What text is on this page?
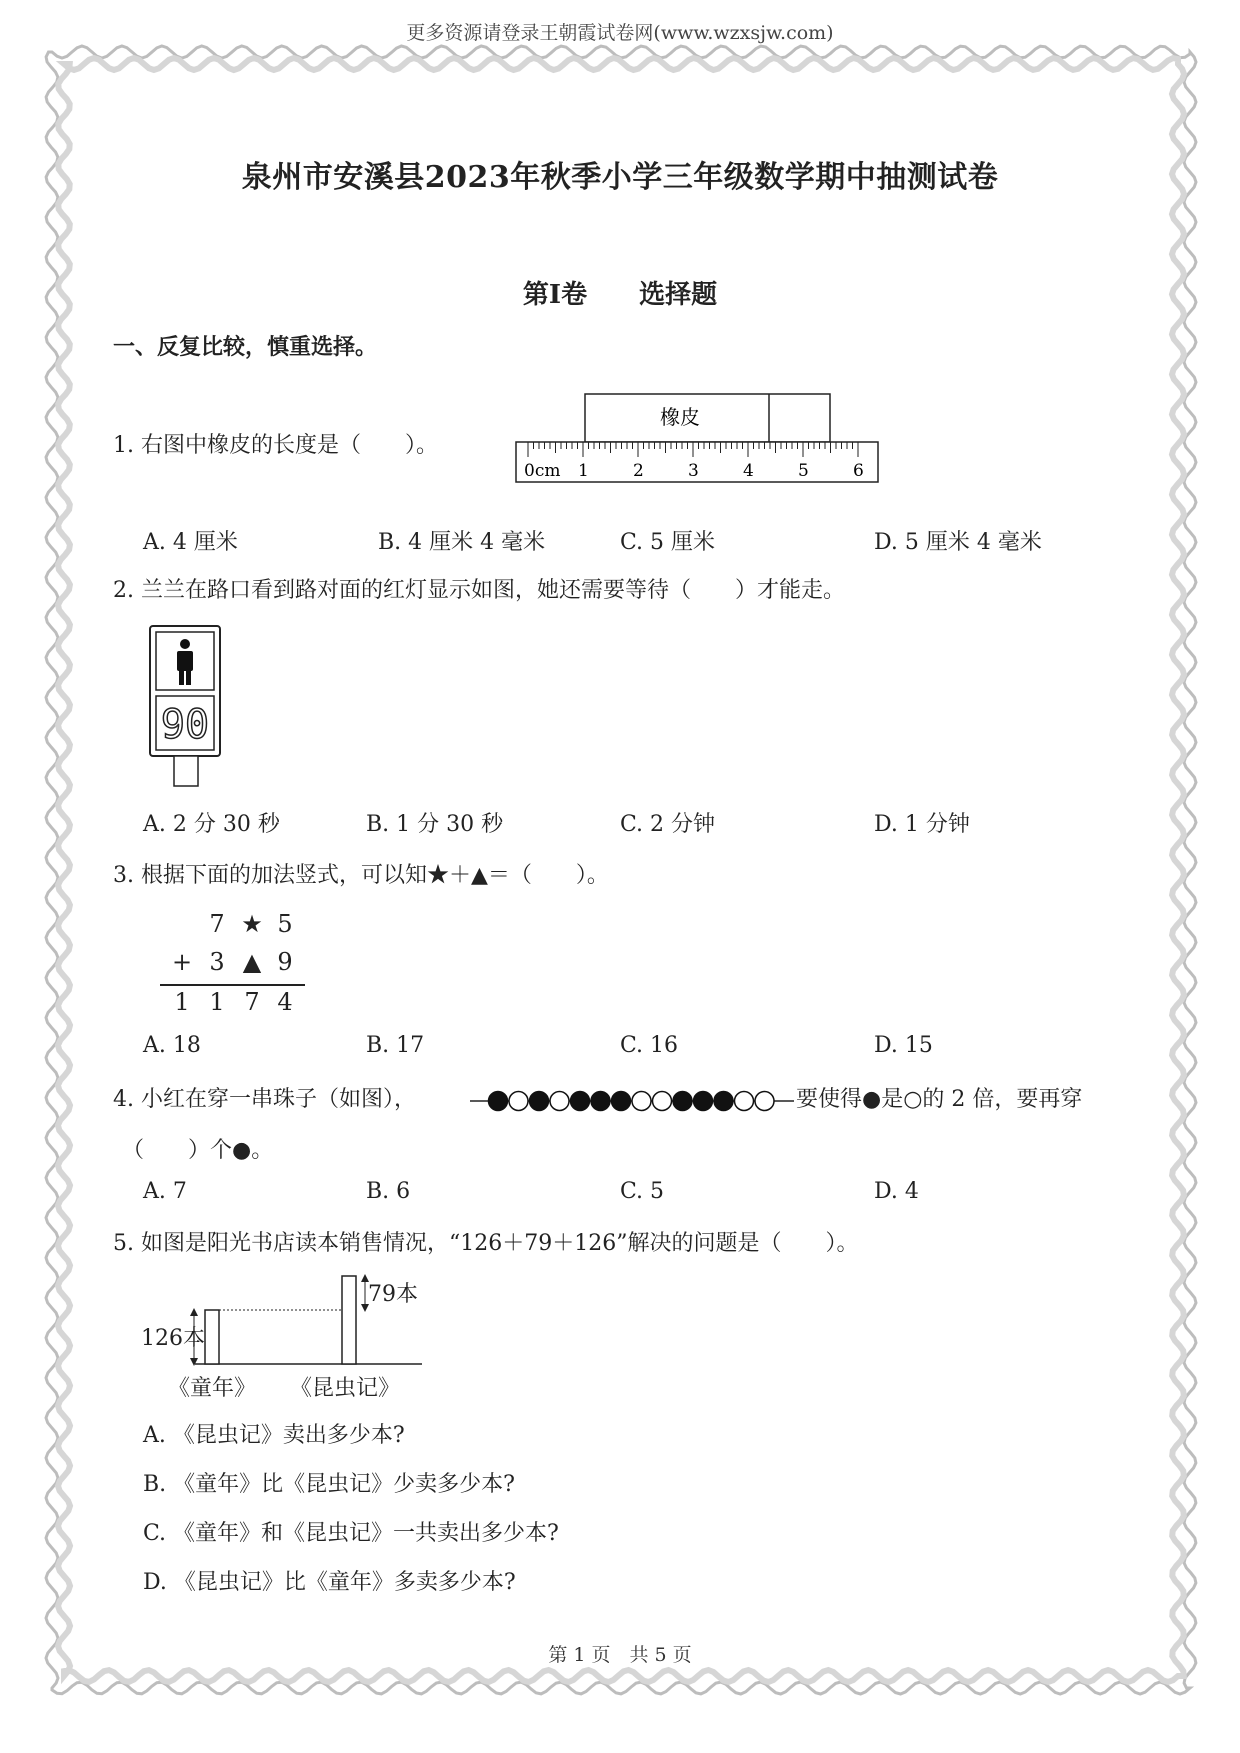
更多资源请登录王朝霞试卷网(www.wzxsjw.com)
泉州市安溪县2023年秋季小学三年级数学期中抽测试卷
第Ⅰ卷　　选择题
一、反复比较，慎重选择。
1. 右图中橡皮的长度是（　　）。
橡皮
0cm 1	2	3	4	5	6
A. 4 厘米	B. 4 厘米 4 毫米	C. 5 厘米	D. 5 厘米 4 毫米
2. 兰兰在路口看到路对面的红灯显示如图，她还需要等待（　　）才能走。
90
A. 2 分 30 秒	B. 1 分 30 秒	C. 2 分钟	D. 1 分钟
3. 根据下面的加法竖式，可以知★＋▲＝（　　）。
7 ★ 5
+ 3 ▲ 9
1 1 7 4
A. 18	B. 17	C. 16	D. 15
4. 小红在穿一串珠子（如图），	要使得●是○的 2 倍，要再穿
（　　）个●。
A. 7	B. 6	C. 5	D. 4
5. 如图是阳光书店读本销售情况，“126＋79＋126”解决的问题是（　　）。
126本
79本
《童年》 《昆虫记》
A. 《昆虫记》卖出多少本?
B. 《童年》比《昆虫记》少卖多少本?
C. 《童年》和《昆虫记》一共卖出多少本?
D. 《昆虫记》比《童年》多卖多少本?
第 1 页　共 5 页
